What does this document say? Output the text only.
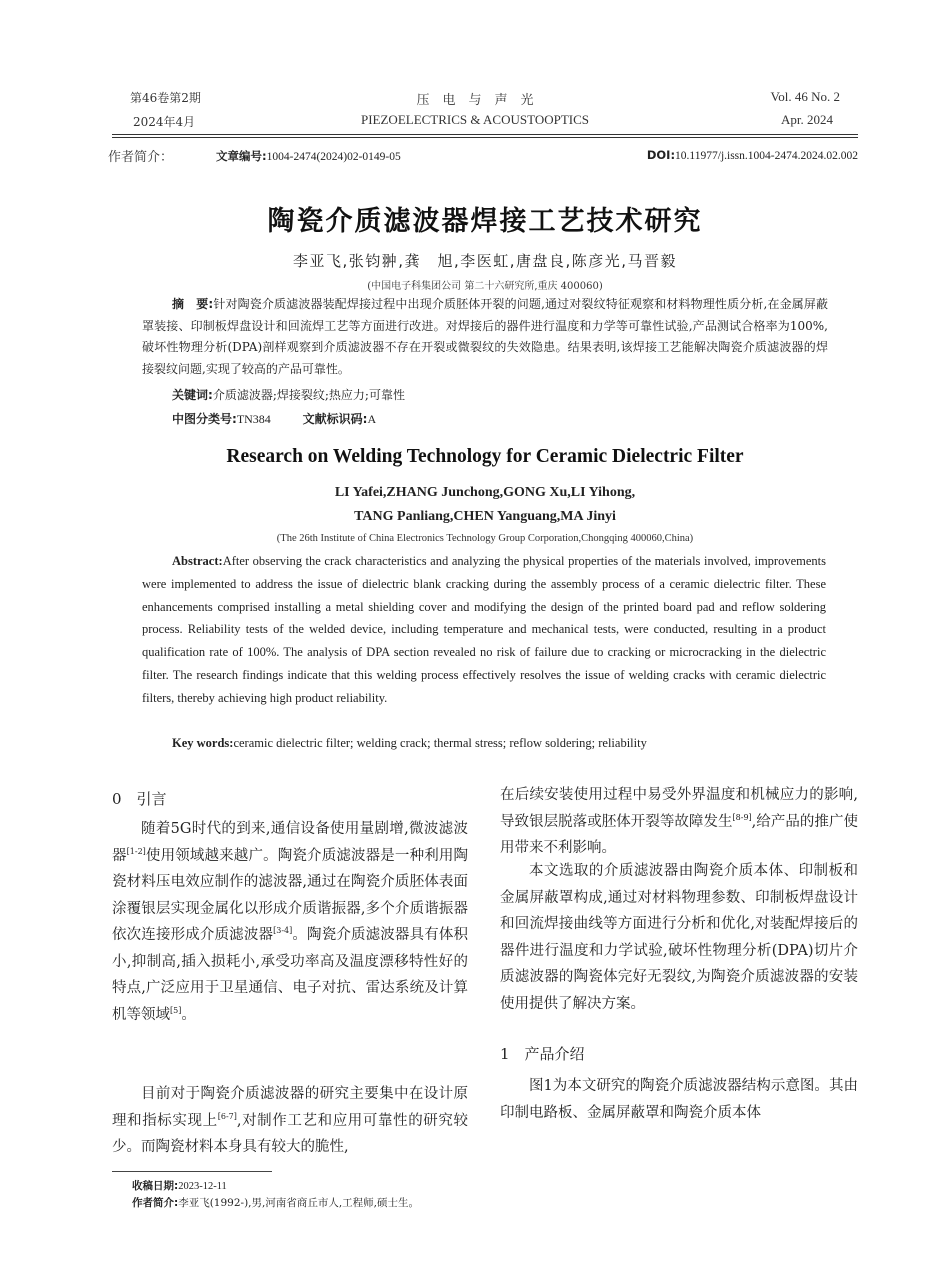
第46卷第2期
2024年4月
压　电　与　声　光
PIEZOELECTRICS & ACOUSTOOPTICS
Vol. 46 No. 2
Apr. 2024
作者简介：	文章编号:1004-2474(2024)02-0149-05	DOI:10.11977/j.issn.1004-2474.2024.02.002
陶瓷介质滤波器焊接工艺技术研究
李亚飞,张钧翀,龚　旭,李医虹,唐盘良,陈彦光,马晋毅
(中国电子科集团公司 第二十六研究所,重庆 400060)
摘　要:针对陶瓷介质滤波器装配焊接过程中出现介质胚体开裂的问题,通过对裂纹特征观察和材料物理性质分析,在金属屏蔽罩装接、印制板焊盘设计和回流焊工艺等方面进行改进。对焊接后的器件进行温度和力学等可靠性试验,产品测试合格率为100%,破坏性物理分析(DPA)剖样观察到介质滤波器不存在开裂或微裂纹的失效隐患。结果表明,该焊接工艺能解决陶瓷介质滤波器的焊接裂纹问题,实现了较高的产品可靠性。
关键词:介质滤波器;焊接裂纹;热应力;可靠性
中图分类号:TN384	文献标识码:A
Research on Welding Technology for Ceramic Dielectric Filter
LI Yafei,ZHANG Junchong,GONG Xu,LI Yihong,
TANG Panliang,CHEN Yanguang,MA Jinyi
(The 26th Institute of China Electronics Technology Group Corporation,Chongqing 400060,China)
Abstract:After observing the crack characteristics and analyzing the physical properties of the materials involved, improvements were implemented to address the issue of dielectric blank cracking during the assembly process of a ceramic dielectric filter. These enhancements comprised installing a metal shielding cover and modifying the design of the printed board pad and reflow soldering process. Reliability tests of the welded device, including temperature and mechanical tests, were conducted, resulting in a product qualification rate of 100%. The analysis of DPA section revealed no risk of failure due to cracking or microcracking in the dielectric filter. The research findings indicate that this welding process effectively resolves the issue of welding cracks with ceramic dielectric filters, thereby achieving high product reliability.
Key words:ceramic dielectric filter; welding crack; thermal stress; reflow soldering; reliability
0　引言
随着5G时代的到来,通信设备使用量剧增,微波滤波器[1-2]使用领域越来越广。陶瓷介质滤波器是一种利用陶瓷材料压电效应制作的滤波器,通过在陶瓷介质胚体表面涂覆银层实现金属化以形成介质谐振器,多个介质谐振器依次连接形成介质滤波器[3-4]。陶瓷介质滤波器具有体积小,抑制高,插入损耗小,承受功率高及温度漂移特性好的特点,广泛应用于卫星通信、电子对抗、雷达系统及计算机等领域[5]。
目前对于陶瓷介质滤波器的研究主要集中在设计原理和指标实现上[6-7],对制作工艺和应用可靠性的研究较少。而陶瓷材料本身具有较大的脆性,
收稿日期:2023-12-11
作者简介:李亚飞(1992-),男,河南省商丘市人,工程师,硕士生。
在后续安装使用过程中易受外界温度和机械应力的影响,导致银层脱落或胚体开裂等故障发生[8-9],给产品的推广使用带来不利影响。
本文选取的介质滤波器由陶瓷介质本体、印制板和金属屏蔽罩构成,通过对材料物理参数、印制板焊盘设计和回流焊接曲线等方面进行分析和优化,对装配焊接后的器件进行温度和力学试验,破坏性物理分析(DPA)切片介质滤波器的陶瓷体完好无裂纹,为陶瓷介质滤波器的安装使用提供了解决方案。
1　产品介绍
图1为本文研究的陶瓷介质滤波器结构示意图。其由印制电路板、金属屏蔽罩和陶瓷介质本体
